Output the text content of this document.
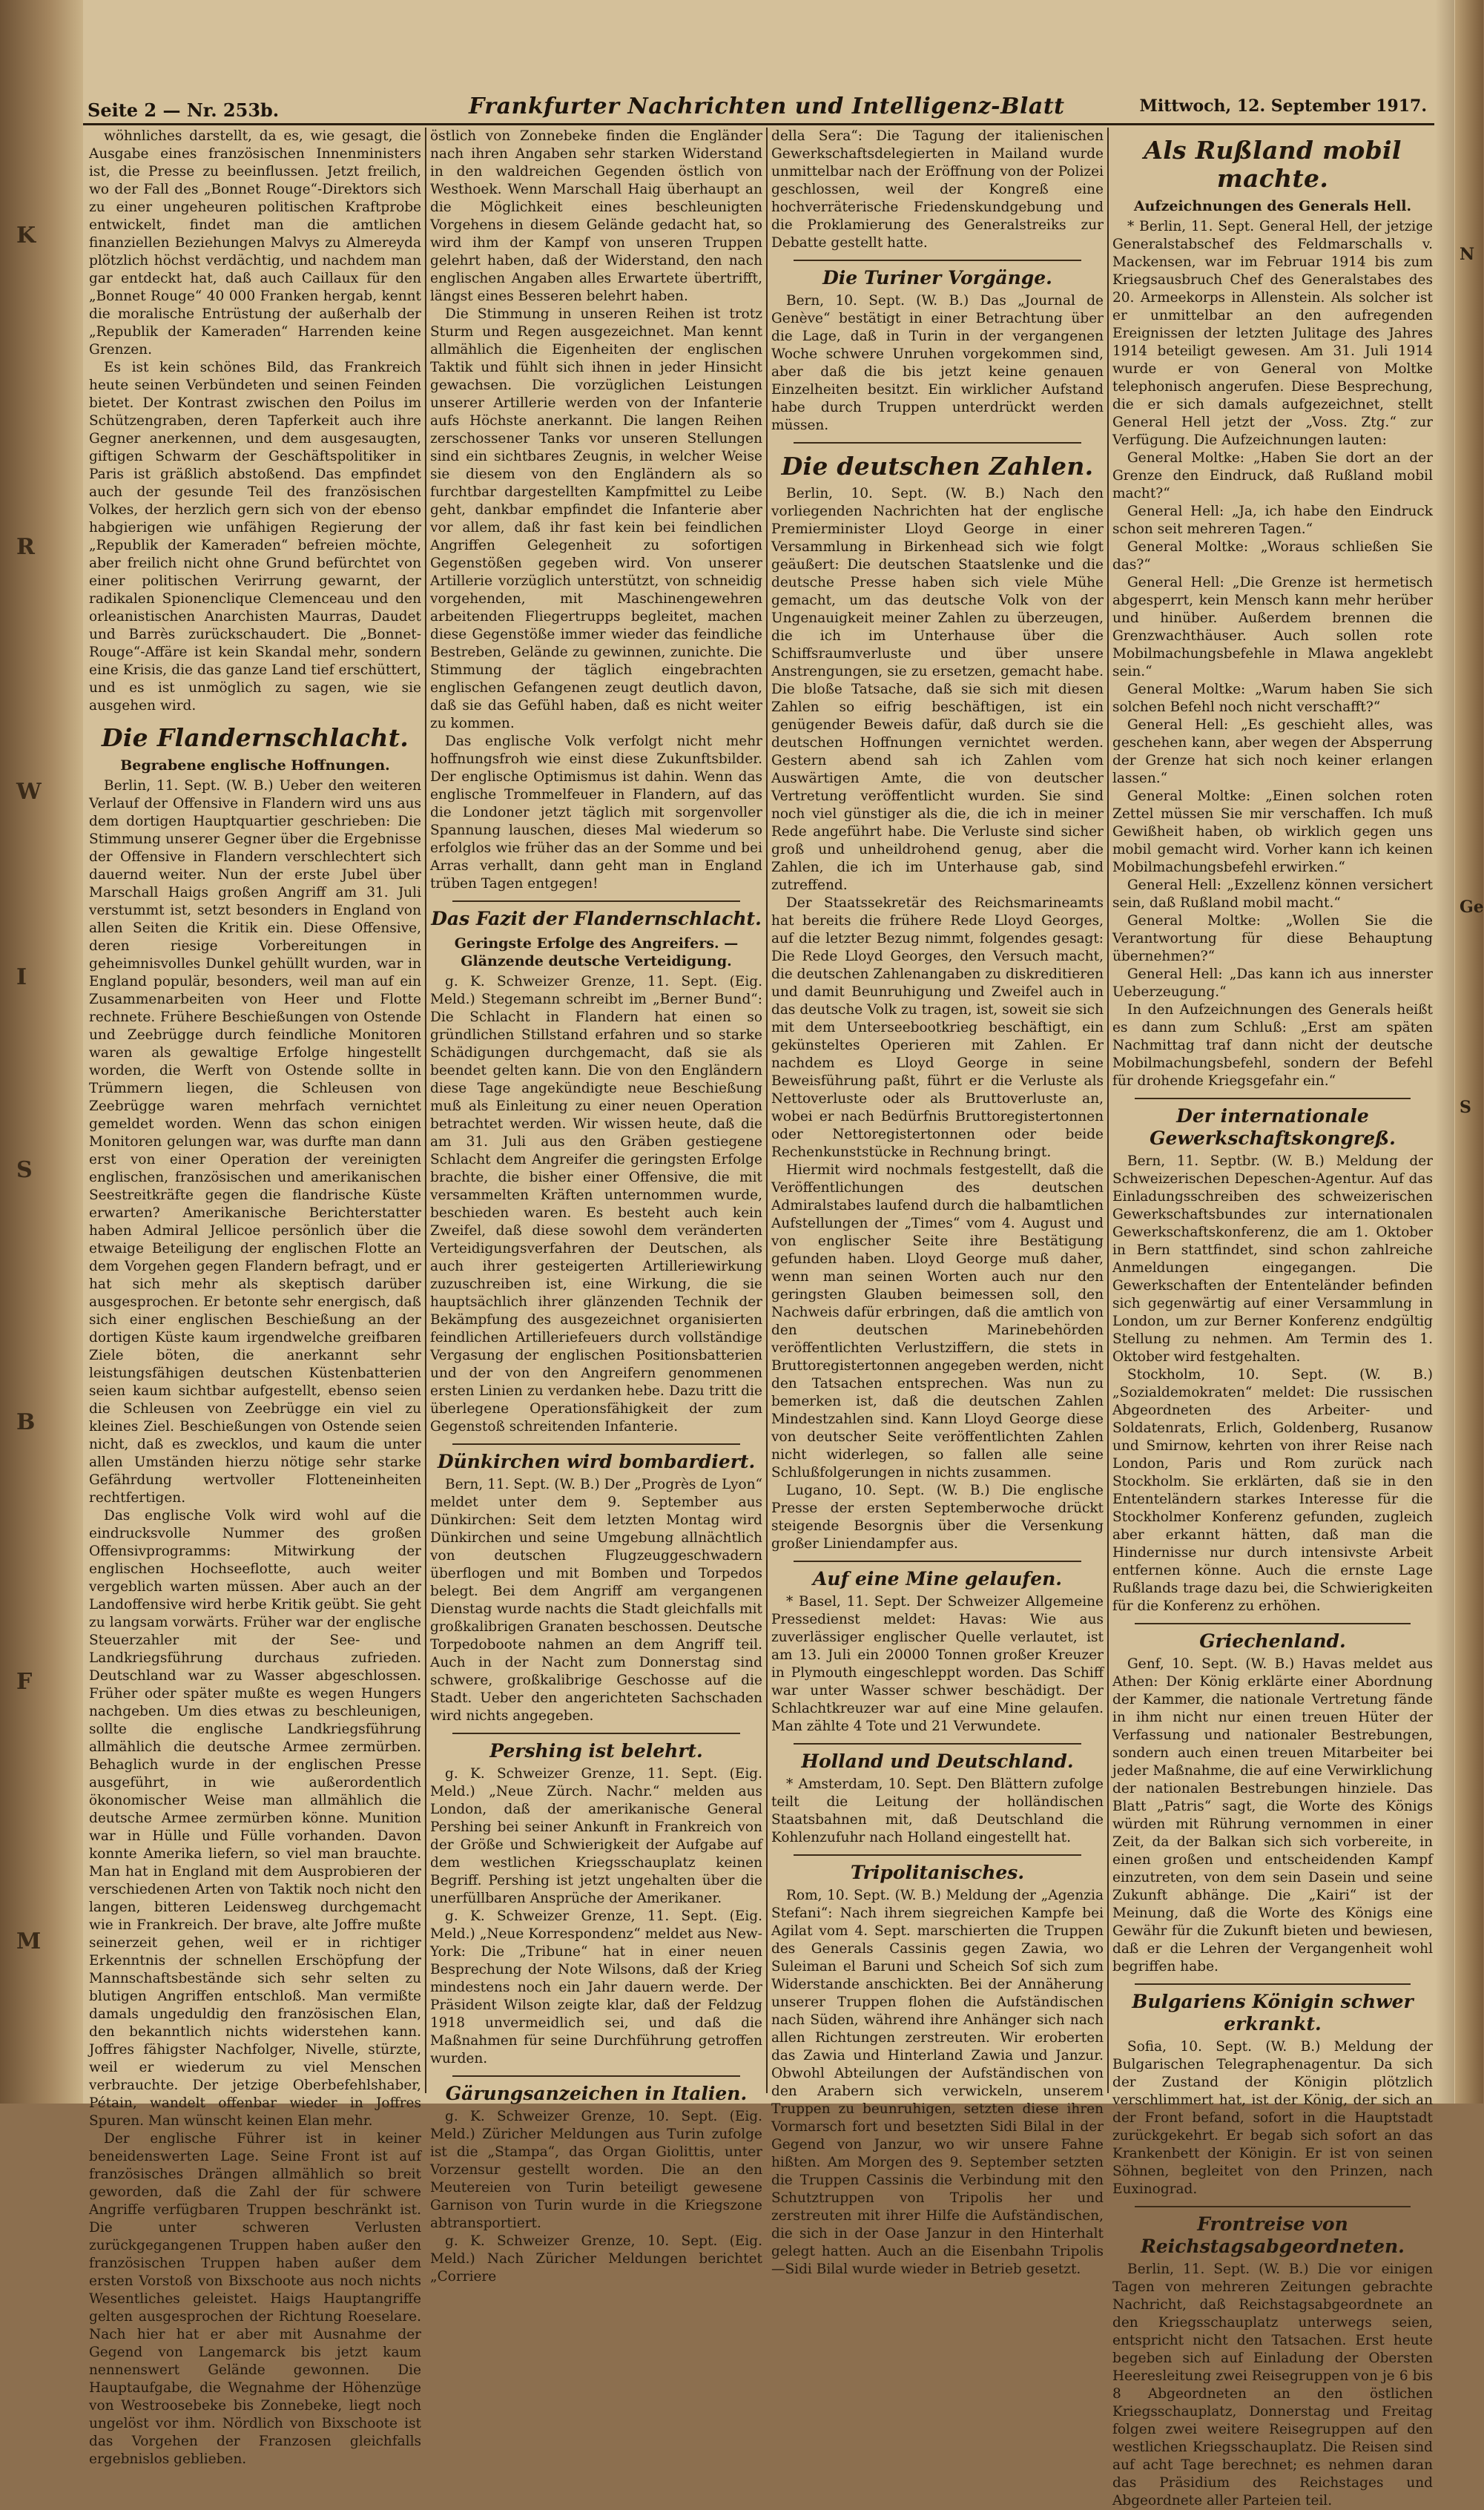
K
R
W
I
S
B
F
M
N
Ge
S
Seite 2 — Nr. 253b.	Frankfurter Nachrichten und Intelligenz-Blatt	Mittwoch, 12. September 1917.

wöhnliches darstellt, da es, wie gesagt, die Ausgabe eines französischen Innenministers ist, die Presse zu beeinflussen. Jetzt freilich, wo der Fall des „Bonnet Rouge“-Direktors sich zu einer ungeheuren politischen Kraftprobe entwickelt, findet man die amtlichen finanziellen Beziehungen Malvys zu Almereyda plötzlich höchst verdächtig, und nachdem man gar entdeckt hat, daß auch Caillaux für den „Bonnet Rouge“ 40 000 Franken hergab, kennt die moralische Entrüstung der außerhalb der „Republik der Kameraden“ Harrenden keine Grenzen.

Es ist kein schönes Bild, das Frankreich heute seinen Verbündeten und seinen Feinden bietet. Der Kontrast zwischen den Poilus im Schützengraben, deren Tapferkeit auch ihre Gegner anerkennen, und dem ausgesaugten, giftigen Schwarm der Geschäftspolitiker in Paris ist gräßlich abstoßend. Das empfindet auch der gesunde Teil des französischen Volkes, der herzlich gern sich von der ebenso habgierigen wie unfähigen Regierung der „Republik der Kameraden“ befreien möchte, aber freilich nicht ohne Grund befürchtet von einer politischen Verirrung gewarnt, der radikalen Spionenclique Clemenceau und den orleanistischen Anarchisten Maurras, Daudet und Barrès zurückschaudert. Die „Bonnet-Rouge“-Affäre ist kein Skandal mehr, sondern eine Krisis, die das ganze Land tief erschüttert, und es ist unmöglich zu sagen, wie sie ausgehen wird.

Die Flandernschlacht.
Begrabene englische Hoffnungen.

Berlin, 11. Sept. (W. B.) Ueber den weiteren Verlauf der Offensive in Flandern wird uns aus dem dortigen Hauptquartier geschrieben: Die Stimmung unserer Gegner über die Ergebnisse der Offensive in Flandern verschlechtert sich dauernd weiter. Nun der erste Jubel über Marschall Haigs großen Angriff am 31. Juli verstummt ist, setzt besonders in England von allen Seiten die Kritik ein. Diese Offensive, deren riesige Vorbereitungen in geheimnisvolles Dunkel gehüllt wurden, war in England populär, besonders, weil man auf ein Zusammenarbeiten von Heer und Flotte rechnete. Frühere Beschießungen von Ostende und Zeebrügge durch feindliche Monitoren waren als gewaltige Erfolge hingestellt worden, die Werft von Ostende sollte in Trümmern liegen, die Schleusen von Zeebrügge waren mehrfach vernichtet gemeldet worden. Wenn das schon einigen Monitoren gelungen war, was durfte man dann erst von einer Operation der vereinigten englischen, französischen und amerikanischen Seestreitkräfte gegen die flandrische Küste erwarten? Amerikanische Berichterstatter haben Admiral Jellicoe persönlich über die etwaige Beteiligung der englischen Flotte an dem Vorgehen gegen Flandern befragt, und er hat sich mehr als skeptisch darüber ausgesprochen. Er betonte sehr energisch, daß sich einer englischen Beschießung an der dortigen Küste kaum irgendwelche greifbaren Ziele böten, die anerkannt sehr leistungsfähigen deutschen Küstenbatterien seien kaum sichtbar aufgestellt, ebenso seien die Schleusen von Zeebrügge ein viel zu kleines Ziel. Beschießungen von Ostende seien nicht, daß es zwecklos, und kaum die unter allen Umständen hierzu nötige sehr starke Gefährdung wertvoller Flotteneinheiten rechtfertigen.

Das englische Volk wird wohl auf die eindrucksvolle Nummer des großen Offensivprogramms: Mitwirkung der englischen Hochseeflotte, auch weiter vergeblich warten müssen. Aber auch an der Landoffensive wird herbe Kritik geübt. Sie geht zu langsam vorwärts. Früher war der englische Steuerzahler mit der See- und Landkriegsführung durchaus zufrieden. Deutschland war zu Wasser abgeschlossen. Früher oder später mußte es wegen Hungers nachgeben. Um dies etwas zu beschleunigen, sollte die englische Landkriegsführung allmählich die deutsche Armee zermürben. Behaglich wurde in der englischen Presse ausgeführt, in wie außerordentlich ökonomischer Weise man allmählich die deutsche Armee zermürben könne. Munition war in Hülle und Fülle vorhanden. Davon konnte Amerika liefern, so viel man brauchte. Man hat in England mit dem Ausprobieren der verschiedenen Arten von Taktik noch nicht den langen, bitteren Leidensweg durchgemacht wie in Frankreich. Der brave, alte Joffre mußte seinerzeit gehen, weil er in richtiger Erkenntnis der schnellen Erschöpfung der Mannschaftsbestände sich sehr selten zu blutigen Angriffen entschloß. Man vermißte damals ungeduldig den französischen Elan, den bekanntlich nichts widerstehen kann. Joffres fähigster Nachfolger, Nivelle, stürzte, weil er wiederum zu viel Menschen verbrauchte. Der jetzige Oberbefehlshaber, Pétain, wandelt offenbar wieder in Joffres Spuren. Man wünscht keinen Elan mehr.

Der englische Führer ist in keiner beneidenswerten Lage. Seine Front ist auf französisches Drängen allmählich so breit geworden, daß die Zahl der für schwere Angriffe verfügbaren Truppen beschränkt ist. Die unter schweren Verlusten zurückgegangenen Truppen haben außer den französischen Truppen haben außer dem ersten Vorstoß von Bixschoote aus noch nichts Wesentliches geleistet. Haigs Hauptangriffe gelten ausgesprochen der Richtung Roeselare. Nach hier hat er aber mit Ausnahme der Gegend von Langemarck bis jetzt kaum nennenswert Gelände gewonnen. Die Hauptaufgabe, die Wegnahme der Höhenzüge von Westroosebeke bis Zonnebeke, liegt noch ungelöst vor ihm. Nördlich von Bixschoote ist das Vorgehen der Franzosen gleichfalls ergebnislos geblieben.

östlich von Zonnebeke finden die Engländer nach ihren Angaben sehr starken Widerstand in den waldreichen Gegenden östlich von Westhoek. Wenn Marschall Haig überhaupt an die Möglichkeit eines beschleunigten Vorgehens in diesem Gelände gedacht hat, so wird ihm der Kampf von unseren Truppen gelehrt haben, daß der Widerstand, den nach englischen Angaben alles Erwartete übertrifft, längst eines Besseren belehrt haben.

Die Stimmung in unseren Reihen ist trotz Sturm und Regen ausgezeichnet. Man kennt allmählich die Eigenheiten der englischen Taktik und fühlt sich ihnen in jeder Hinsicht gewachsen. Die vorzüglichen Leistungen unserer Artillerie werden von der Infanterie aufs Höchste anerkannt. Die langen Reihen zerschossener Tanks vor unseren Stellungen sind ein sichtbares Zeugnis, in welcher Weise sie diesem von den Engländern als so furchtbar dargestellten Kampfmittel zu Leibe geht, dankbar empfindet die Infanterie aber vor allem, daß ihr fast kein bei feindlichen Angriffen Gelegenheit zu sofortigen Gegenstößen gegeben wird. Von unserer Artillerie vorzüglich unterstützt, von schneidig vorgehenden, mit Maschinengewehren arbeitenden Fliegertrupps begleitet, machen diese Gegenstöße immer wieder das feindliche Bestreben, Gelände zu gewinnen, zunichte. Die Stimmung der täglich eingebrachten englischen Gefangenen zeugt deutlich davon, daß sie das Gefühl haben, daß es nicht weiter zu kommen.

Das englische Volk verfolgt nicht mehr hoffnungsfroh wie einst diese Zukunftsbilder. Der englische Optimismus ist dahin. Wenn das englische Trommelfeuer in Flandern, auf das die Londoner jetzt täglich mit sorgenvoller Spannung lauschen, dieses Mal wiederum so erfolglos wie früher das an der Somme und bei Arras verhallt, dann geht man in England trüben Tagen entgegen!

Das Fazit der Flandernschlacht.
Geringste Erfolge des Angreifers. — Glänzende deutsche Verteidigung.

g. K. Schweizer Grenze, 11. Sept. (Eig. Meld.) Stegemann schreibt im „Berner Bund“: Die Schlacht in Flandern hat einen so gründlichen Stillstand erfahren und so starke Schädigungen durchgemacht, daß sie als beendet gelten kann. Die von den Engländern diese Tage angekündigte neue Beschießung muß als Einleitung zu einer neuen Operation betrachtet werden. Wir wissen heute, daß die am 31. Juli aus den Gräben gestiegene Schlacht dem Angreifer die geringsten Erfolge brachte, die bisher einer Offensive, die mit versammelten Kräften unternommen wurde, beschieden waren. Es besteht auch kein Zweifel, daß diese sowohl dem veränderten Verteidigungsverfahren der Deutschen, als auch ihrer gesteigerten Artilleriewirkung zuzuschreiben ist, eine Wirkung, die sie hauptsächlich ihrer glänzenden Technik der Bekämpfung des ausgezeichnet organisierten feindlichen Artilleriefeuers durch vollständige Vergasung der englischen Positionsbatterien und der von den Angreifern genommenen ersten Linien zu verdanken hebe. Dazu tritt die überlegene Operationsfähigkeit der zum Gegenstoß schreitenden Infanterie.

Dünkirchen wird bombardiert.

Bern, 11. Sept. (W. B.) Der „Progrès de Lyon“ meldet unter dem 9. September aus Dünkirchen: Seit dem letzten Montag wird Dünkirchen und seine Umgebung allnächtlich von deutschen Flugzeuggeschwadern überflogen und mit Bomben und Torpedos belegt. Bei dem Angriff am vergangenen Dienstag wurde nachts die Stadt gleichfalls mit großkalibrigen Granaten beschossen. Deutsche Torpedoboote nahmen an dem Angriff teil. Auch in der Nacht zum Donnerstag sind schwere, großkalibrige Geschosse auf die Stadt. Ueber den angerichteten Sachschaden wird nichts angegeben.

Pershing ist belehrt.

g. K. Schweizer Grenze, 11. Sept. (Eig. Meld.) „Neue Zürch. Nachr.“ melden aus London, daß der amerikanische General Pershing bei seiner Ankunft in Frankreich von der Größe und Schwierigkeit der Aufgabe auf dem westlichen Kriegsschauplatz keinen Begriff. Pershing ist jetzt ungehalten über die unerfüllbaren Ansprüche der Amerikaner.

g. K. Schweizer Grenze, 11. Sept. (Eig. Meld.) „Neue Korrespondenz“ meldet aus New-York: Die „Tribune“ hat in einer neuen Besprechung der Note Wilsons, daß der Krieg mindestens noch ein Jahr dauern werde. Der Präsident Wilson zeigte klar, daß der Feldzug 1918 unvermeidlich sei, und daß die Maßnahmen für seine Durchführung getroffen wurden.

Gärungsanzeichen in Italien.

g. K. Schweizer Grenze, 10. Sept. (Eig. Meld.) Züricher Meldungen aus Turin zufolge ist die „Stampa“, das Organ Giolittis, unter Vorzensur gestellt worden. Die an den Meutereien von Turin beteiligt gewesene Garnison von Turin wurde in die Kriegszone abtransportiert.

g. K. Schweizer Grenze, 10. Sept. (Eig. Meld.) Nach Züricher Meldungen berichtet „Corriere

della Sera“: Die Tagung der italienischen Gewerkschaftsdelegierten in Mailand wurde unmittelbar nach der Eröffnung von der Polizei geschlossen, weil der Kongreß eine hochverräterische Friedenskundgebung und die Proklamierung des Generalstreiks zur Debatte gestellt hatte.

Die Turiner Vorgänge.

Bern, 10. Sept. (W. B.) Das „Journal de Genève“ bestätigt in einer Betrachtung über die Lage, daß in Turin in der vergangenen Woche schwere Unruhen vorgekommen sind, aber daß die bis jetzt keine genauen Einzelheiten besitzt. Ein wirklicher Aufstand habe durch Truppen unterdrückt werden müssen.

Die deutschen Zahlen.

Berlin, 10. Sept. (W. B.) Nach den vorliegenden Nachrichten hat der englische Premierminister Lloyd George in einer Versammlung in Birkenhead sich wie folgt geäußert: Die deutschen Staatslenke und die deutsche Presse haben sich viele Mühe gemacht, um das deutsche Volk von der Ungenauigkeit meiner Zahlen zu überzeugen, die ich im Unterhause über die Schiffsraumverluste und über unsere Anstrengungen, sie zu ersetzen, gemacht habe. Die bloße Tatsache, daß sie sich mit diesen Zahlen so eifrig beschäftigen, ist ein genügender Beweis dafür, daß durch sie die deutschen Hoffnungen vernichtet werden. Gestern abend sah ich Zahlen vom Auswärtigen Amte, die von deutscher Vertretung veröffentlicht wurden. Sie sind noch viel günstiger als die, die ich in meiner Rede angeführt habe. Die Verluste sind sicher groß und unheildrohend genug, aber die Zahlen, die ich im Unterhause gab, sind zutreffend.

Der Staatssekretär des Reichsmarineamts hat bereits die frühere Rede Lloyd Georges, auf die letzter Bezug nimmt, folgendes gesagt: Die Rede Lloyd Georges, den Versuch macht, die deutschen Zahlenangaben zu diskreditieren und damit Beunruhigung und Zweifel auch in das deutsche Volk zu tragen, ist, soweit sie sich mit dem Unterseebootkrieg beschäftigt, ein gekünsteltes Operieren mit Zahlen. Er nachdem es Lloyd George in seine Beweisführung paßt, führt er die Verluste als Nettoverluste oder als Bruttoverluste an, wobei er nach Bedürfnis Bruttoregistertonnen oder Nettoregistertonnen oder beide Rechenkunststücke in Rechnung bringt.

Hiermit wird nochmals festgestellt, daß die Veröffentlichungen des deutschen Admiralstabes laufend durch die halbamtlichen Aufstellungen der „Times“ vom 4. August und von englischer Seite ihre Bestätigung gefunden haben. Lloyd George muß daher, wenn man seinen Worten auch nur den geringsten Glauben beimessen soll, den Nachweis dafür erbringen, daß die amtlich von den deutschen Marinebehörden veröffentlichten Verlustziffern, die stets in Bruttoregistertonnen angegeben werden, nicht den Tatsachen entsprechen. Was nun zu bemerken ist, daß die deutschen Zahlen Mindestzahlen sind. Kann Lloyd George diese von deutscher Seite veröffentlichten Zahlen nicht widerlegen, so fallen alle seine Schlußfolgerungen in nichts zusammen.

Lugano, 10. Sept. (W. B.) Die englische Presse der ersten Septemberwoche drückt steigende Besorgnis über die Versenkung großer Liniendampfer aus.

Auf eine Mine gelaufen.

* Basel, 11. Sept. Der Schweizer Allgemeine Pressedienst meldet: Havas: Wie aus zuverlässiger englischer Quelle verlautet, ist am 13. Juli ein 20000 Tonnen großer Kreuzer in Plymouth eingeschleppt worden. Das Schiff war unter Wasser schwer beschädigt. Der Schlachtkreuzer war auf eine Mine gelaufen. Man zählte 4 Tote und 21 Verwundete.

Holland und Deutschland.

* Amsterdam, 10. Sept. Den Blättern zufolge teilt die Leitung der holländischen Staatsbahnen mit, daß Deutschland die Kohlenzufuhr nach Holland eingestellt hat.

Tripolitanisches.

Rom, 10. Sept. (W. B.) Meldung der „Agenzia Stefani“: Nach ihrem siegreichen Kampfe bei Agilat vom 4. Sept. marschierten die Truppen des Generals Cassinis gegen Zawia, wo Suleiman el Baruni und Scheich Sof sich zum Widerstande anschickten. Bei der Annäherung unserer Truppen flohen die Aufständischen nach Süden, während ihre Anhänger sich nach allen Richtungen zerstreuten. Wir eroberten das Zawia und Hinterland Zawia und Janzur. Obwohl Abteilungen der Aufständischen von den Arabern sich verwickeln, unserem Truppen zu beunruhigen, setzten diese ihren Vormarsch fort und besetzten Sidi Bilal in der Gegend von Janzur, wo wir unsere Fahne hißten. Am Morgen des 9. September setzten die Truppen Cassinis die Verbindung mit den Schutztruppen von Tripolis her und zerstreuten mit ihrer Hilfe die Aufständischen, die sich in der Oase Janzur in den Hinterhalt gelegt hatten. Auch an die Eisenbahn Tripolis—Sidi Bilal wurde wieder in Betrieb gesetzt.

Als Rußland mobil machte.
Aufzeichnungen des Generals Hell.

* Berlin, 11. Sept. General Hell, der jetzige Generalstabschef des Feldmarschalls v. Mackensen, war im Februar 1914 bis zum Kriegsausbruch Chef des Generalstabes des 20. Armeekorps in Allenstein. Als solcher ist er unmittelbar an den aufregenden Ereignissen der letzten Julitage des Jahres 1914 beteiligt gewesen. Am 31. Juli 1914 wurde er von General von Moltke telephonisch angerufen. Diese Besprechung, die er sich damals aufgezeichnet, stellt General Hell jetzt der „Voss. Ztg.“ zur Verfügung. Die Aufzeichnungen lauten:

General Moltke: „Haben Sie dort an der Grenze den Eindruck, daß Rußland mobil macht?“

General Hell: „Ja, ich habe den Eindruck schon seit mehreren Tagen.“

General Moltke: „Woraus schließen Sie das?“

General Hell: „Die Grenze ist hermetisch abgesperrt, kein Mensch kann mehr herüber und hinüber. Außerdem brennen die Grenzwachthäuser. Auch sollen rote Mobilmachungsbefehle in Mlawa angeklebt sein.“

General Moltke: „Warum haben Sie sich solchen Befehl noch nicht verschafft?“

General Hell: „Es geschieht alles, was geschehen kann, aber wegen der Absperrung der Grenze hat sich noch keiner erlangen lassen.“

General Moltke: „Einen solchen roten Zettel müssen Sie mir verschaffen. Ich muß Gewißheit haben, ob wirklich gegen uns mobil gemacht wird. Vorher kann ich keinen Mobilmachungsbefehl erwirken.“

General Hell: „Exzellenz können versichert sein, daß Rußland mobil macht.“

General Moltke: „Wollen Sie die Verantwortung für diese Behauptung übernehmen?“

General Hell: „Das kann ich aus innerster Ueberzeugung.“

In den Aufzeichnungen des Generals heißt es dann zum Schluß: „Erst am späten Nachmittag traf dann nicht der deutsche Mobilmachungsbefehl, sondern der Befehl für drohende Kriegsgefahr ein.“

Der internationale Gewerkschaftskongreß.

Bern, 11. Septbr. (W. B.) Meldung der Schweizerischen Depeschen-Agentur. Auf das Einladungsschreiben des schweizerischen Gewerkschaftsbundes zur internationalen Gewerkschaftskonferenz, die am 1. Oktober in Bern stattfindet, sind schon zahlreiche Anmeldungen eingegangen. Die Gewerkschaften der Ententeländer befinden sich gegenwärtig auf einer Versammlung in London, um zur Berner Konferenz endgültig Stellung zu nehmen. Am Termin des 1. Oktober wird festgehalten.

Stockholm, 10. Sept. (W. B.) „Sozialdemokraten“ meldet: Die russischen Abgeordneten des Arbeiter- und Soldatenrats, Erlich, Goldenberg, Rusanow und Smirnow, kehrten von ihrer Reise nach London, Paris und Rom zurück nach Stockholm. Sie erklärten, daß sie in den Ententeländern starkes Interesse für die Stockholmer Konferenz gefunden, zugleich aber erkannt hätten, daß man die Hindernisse nur durch intensivste Arbeit entfernen könne. Auch die ernste Lage Rußlands trage dazu bei, die Schwierigkeiten für die Konferenz zu erhöhen.

Griechenland.

Genf, 10. Sept. (W. B.) Havas meldet aus Athen: Der König erklärte einer Abordnung der Kammer, die nationale Vertretung fände in ihm nicht nur einen treuen Hüter der Verfassung und nationaler Bestrebungen, sondern auch einen treuen Mitarbeiter bei jeder Maßnahme, die auf eine Verwirklichung der nationalen Bestrebungen hinziele. Das Blatt „Patris“ sagt, die Worte des Königs würden mit Rührung vernommen in einer Zeit, da der Balkan sich sich vorbereite, in einen großen und entscheidenden Kampf einzutreten, von dem sein Dasein und seine Zukunft abhänge. Die „Kairi“ ist der Meinung, daß die Worte des Königs eine Gewähr für die Zukunft bieten und bewiesen, daß er die Lehren der Vergangenheit wohl begriffen habe.

Bulgariens Königin schwer erkrankt.

Sofia, 10. Sept. (W. B.) Meldung der Bulgarischen Telegraphenagentur. Da sich der Zustand der Königin plötzlich verschlimmert hat, ist der König, der sich an der Front befand, sofort in die Hauptstadt zurückgekehrt. Er begab sich sofort an das Krankenbett der Königin. Er ist von seinen Söhnen, begleitet von den Prinzen, nach Euxinograd.

Frontreise von Reichstagsabgeordneten.

Berlin, 11. Sept. (W. B.) Die vor einigen Tagen von mehreren Zeitungen gebrachte Nachricht, daß Reichstagsabgeordnete an den Kriegsschauplatz unterwegs seien, entspricht nicht den Tatsachen. Erst heute begeben sich auf Einladung der Obersten Heeresleitung zwei Reisegruppen von je 6 bis 8 Abgeordneten an den östlichen Kriegsschauplatz, Donnerstag und Freitag folgen zwei weitere Reisegruppen auf den westlichen Kriegsschauplatz. Die Reisen sind auf acht Tage berechnet; es nehmen daran das Präsidium des Reichstages und Abgeordnete aller Parteien teil.
